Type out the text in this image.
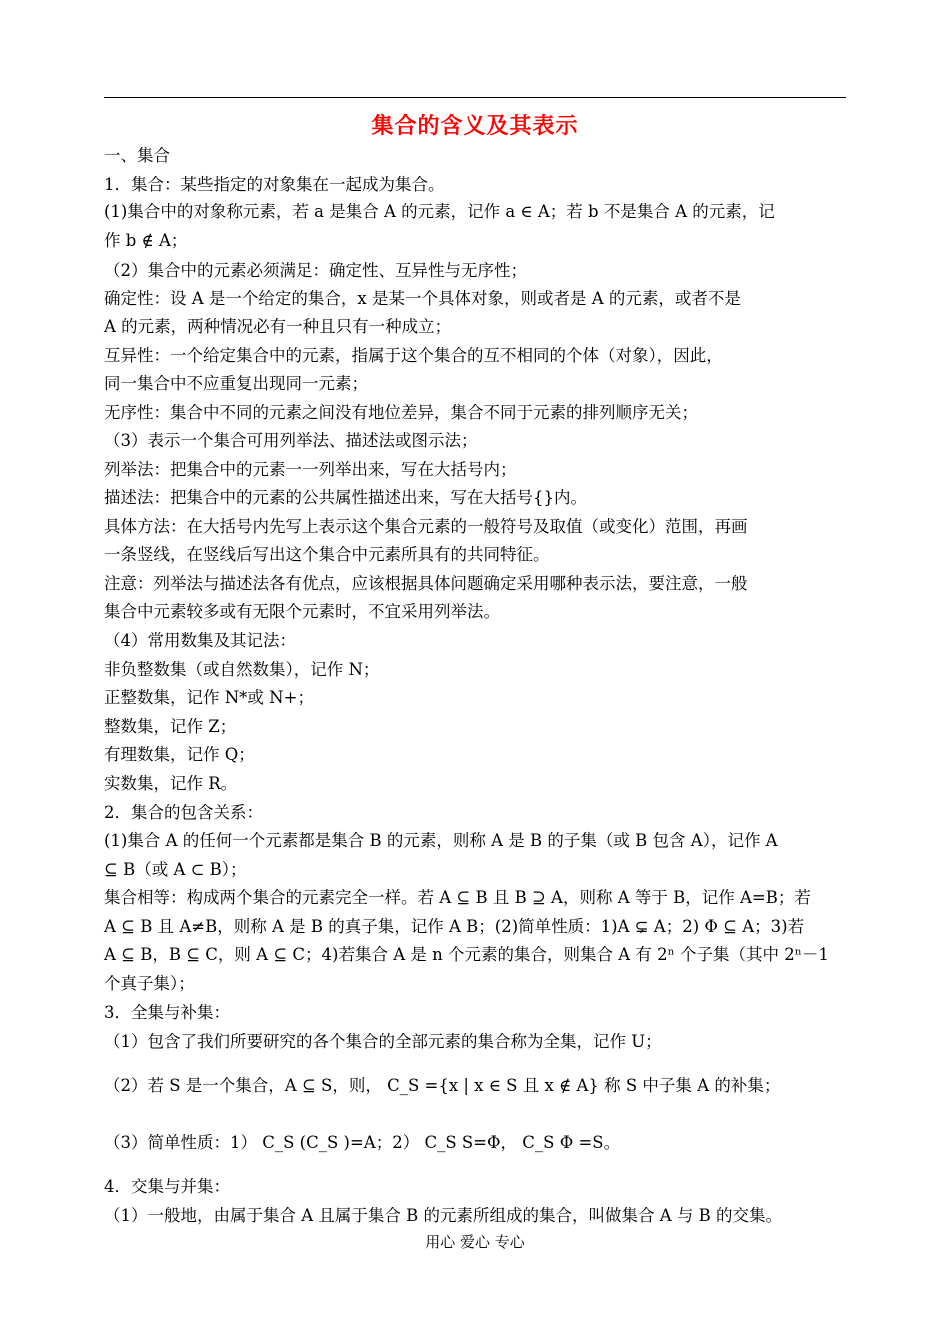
集合的含义及其表示
一、集合
1．集合：某些指定的对象集在一起成为集合。
(1)集合中的对象称元素，若 a 是集合 A 的元素，记作 a ∈ A；若 b 不是集合 A 的元素，记
作 b ∉ A；
（2）集合中的元素必须满足：确定性、互异性与无序性；
确定性：设 A 是一个给定的集合，x 是某一个具体对象，则或者是 A 的元素，或者不是
A 的元素，两种情况必有一种且只有一种成立；
互异性：一个给定集合中的元素，指属于这个集合的互不相同的个体（对象），因此，
同一集合中不应重复出现同一元素；
无序性：集合中不同的元素之间没有地位差异，集合不同于元素的排列顺序无关；
（3）表示一个集合可用列举法、描述法或图示法；
列举法：把集合中的元素一一列举出来，写在大括号内；
描述法：把集合中的元素的公共属性描述出来，写在大括号{}内。
具体方法：在大括号内先写上表示这个集合元素的一般符号及取值（或变化）范围，再画
一条竖线，在竖线后写出这个集合中元素所具有的共同特征。
注意：列举法与描述法各有优点，应该根据具体问题确定采用哪种表示法，要注意，一般
集合中元素较多或有无限个元素时，不宜采用列举法。
（4）常用数集及其记法：
非负整数集（或自然数集），记作 N；
正整数集，记作 N*或 N+；
整数集，记作 Z；
有理数集，记作 Q；
实数集，记作 R。
2．集合的包含关系：
(1)集合 A 的任何一个元素都是集合 B 的元素，则称 A 是 B 的子集（或 B 包含 A），记作 A
⊆ B（或 A ⊂ B）；
集合相等：构成两个集合的元素完全一样。若 A ⊆ B 且 B ⊇ A，则称 A 等于 B，记作 A=B；若
A ⊆ B 且 A≠B，则称 A 是 B 的真子集，记作 A B；(2)简单性质：1)A ⊊ A；2) Φ ⊆ A；3)若
A ⊆ B，B ⊆ C，则 A ⊆ C；4)若集合 A 是 n 个元素的集合，则集合 A 有 2ⁿ 个子集（其中 2ⁿ－1
个真子集）；
3．全集与补集：
（1）包含了我们所要研究的各个集合的全部元素的集合称为全集，记作 U；
（2）若 S 是一个集合，A ⊆ S，则， C_S ={x | x ∈ S 且 x ∉ A} 称 S 中子集 A 的补集；
（3）简单性质：1） C_S (C_S )=A；2） C_S S=Φ， C_S Φ =S。
4．交集与并集：
（1）一般地，由属于集合 A 且属于集合 B 的元素所组成的集合，叫做集合 A 与 B 的交集。
用心 爱心 专心
